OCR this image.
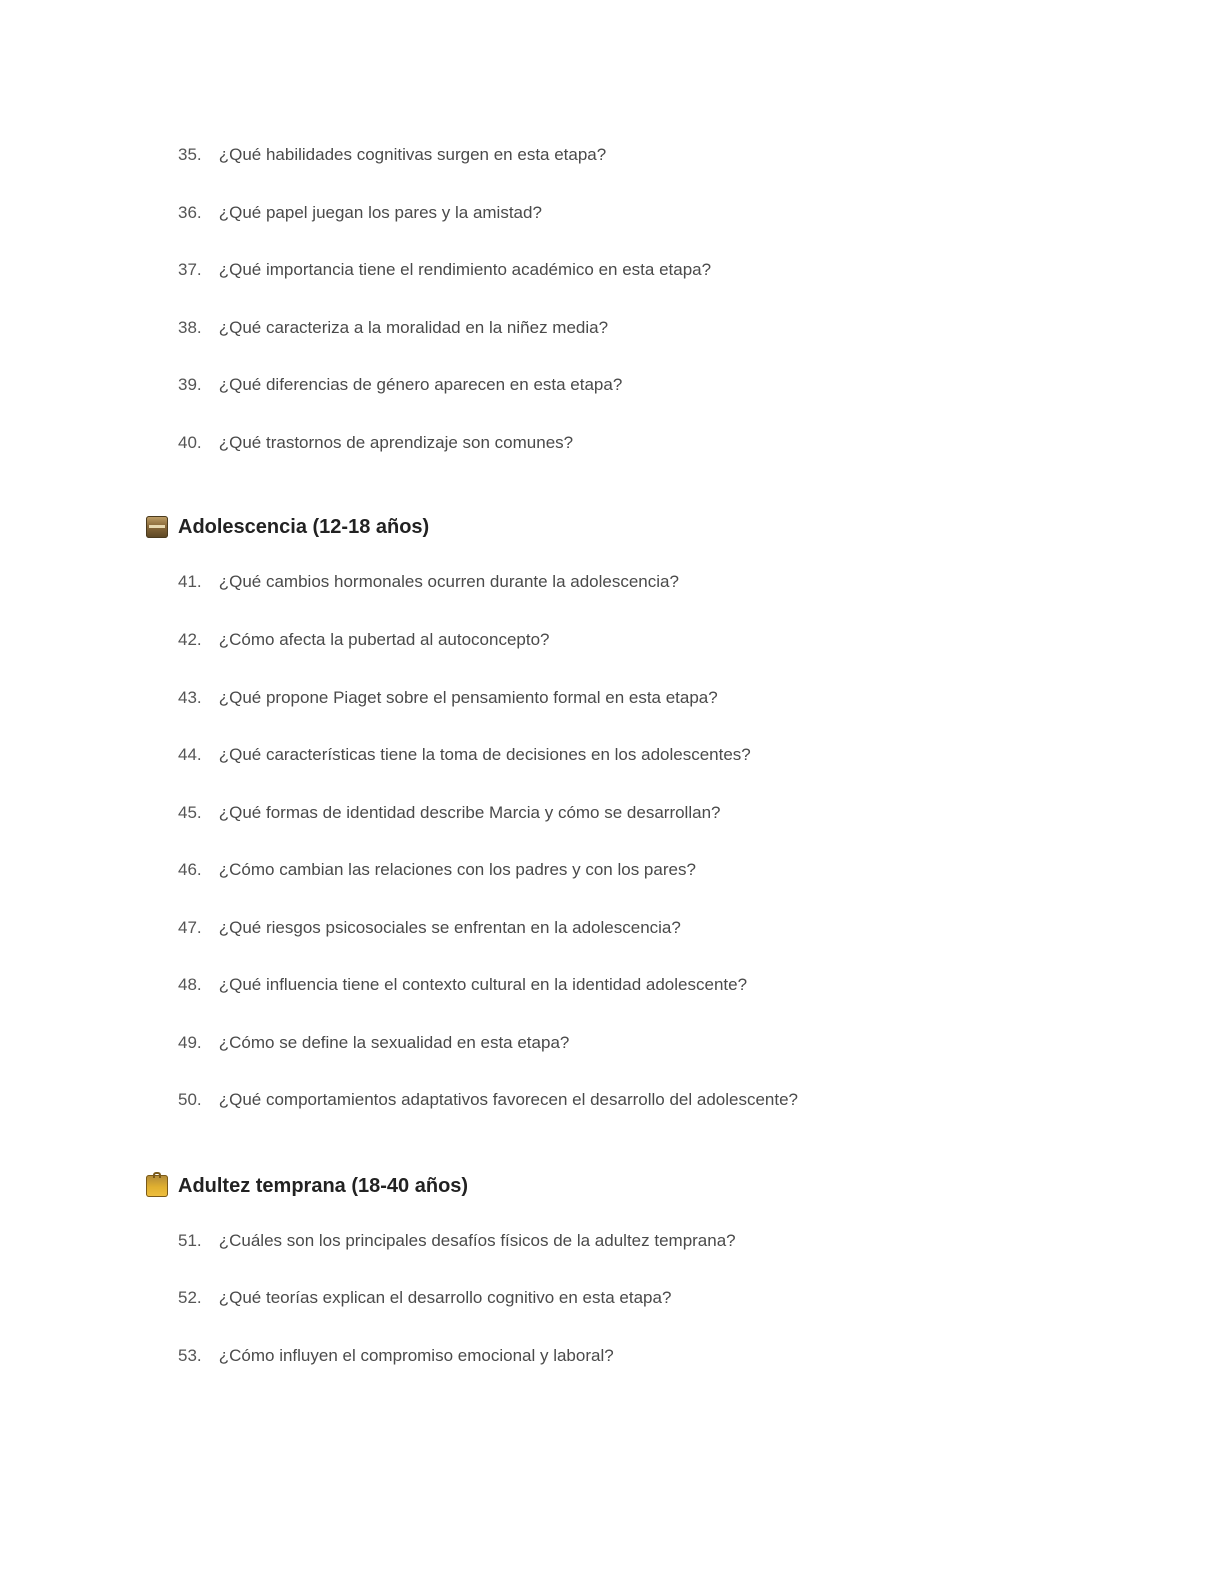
35. ¿Qué habilidades cognitivas surgen en esta etapa?
36. ¿Qué papel juegan los pares y la amistad?
37. ¿Qué importancia tiene el rendimiento académico en esta etapa?
38. ¿Qué caracteriza a la moralidad en la niñez media?
39. ¿Qué diferencias de género aparecen en esta etapa?
40. ¿Qué trastornos de aprendizaje son comunes?
Adolescencia (12-18 años)
41. ¿Qué cambios hormonales ocurren durante la adolescencia?
42. ¿Cómo afecta la pubertad al autoconcepto?
43. ¿Qué propone Piaget sobre el pensamiento formal en esta etapa?
44. ¿Qué características tiene la toma de decisiones en los adolescentes?
45. ¿Qué formas de identidad describe Marcia y cómo se desarrollan?
46. ¿Cómo cambian las relaciones con los padres y con los pares?
47. ¿Qué riesgos psicosociales se enfrentan en la adolescencia?
48. ¿Qué influencia tiene el contexto cultural en la identidad adolescente?
49. ¿Cómo se define la sexualidad en esta etapa?
50. ¿Qué comportamientos adaptativos favorecen el desarrollo del adolescente?
Adultez temprana (18-40 años)
51. ¿Cuáles son los principales desafíos físicos de la adultez temprana?
52. ¿Qué teorías explican el desarrollo cognitivo en esta etapa?
53. ¿Cómo influyen el compromiso emocional y laboral?
